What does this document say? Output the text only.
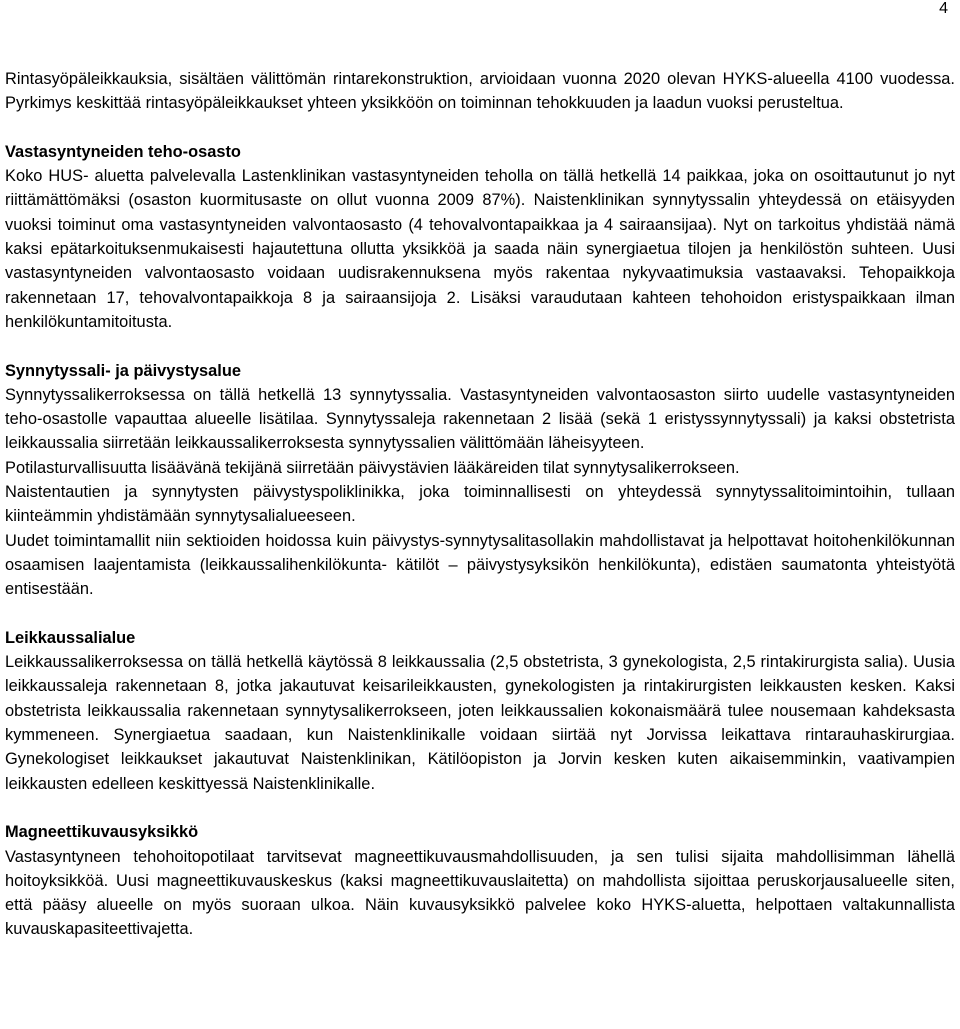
4

Rintasyöpäleikkauksia, sisältäen välittömän rintarekonstruktion, arvioidaan vuonna 2020 olevan HYKS-alueella 4100 vuodessa. Pyrkimys keskittää rintasyöpäleikkaukset yhteen yksikköön on toiminnan tehokkuuden ja laadun vuoksi perusteltua.

Vastasyntyneiden teho-osasto

Koko HUS- aluetta palvelevalla Lastenklinikan vastasyntyneiden teholla on tällä hetkellä 14 paikkaa, joka on osoittautunut jo nyt riittämättömäksi (osaston kuormitusaste on ollut vuonna 2009 87%). Naistenklinikan synnytyssalin yhteydessä on etäisyyden vuoksi toiminut oma vastasyntyneiden valvontaosasto (4 tehovalvontapaikkaa ja 4 sairaansijaa). Nyt on tarkoitus yhdistää nämä kaksi epätarkoituksenmukaisesti hajautettuna ollutta yksikköä ja saada näin synergiaetua tilojen ja henkilöstön suhteen. Uusi vastasyntyneiden valvontaosasto voidaan uudisrakennuksena myös rakentaa nykyvaatimuksia vastaavaksi. Tehopaikkoja rakennetaan 17, tehovalvontapaikkoja 8 ja sairaansijoja 2. Lisäksi varaudutaan kahteen tehohoidon eristyspaikkaan ilman henkilökuntamitoitusta.

Synnytyssali- ja päivystysalue

Synnytyssalikerroksessa on tällä hetkellä 13 synnytyssalia. Vastasyntyneiden valvontaosaston siirto uudelle vastasyntyneiden teho-osastolle vapauttaa alueelle lisätilaa. Synnytyssaleja rakennetaan 2 lisää (sekä 1 eristyssynnytyssali) ja kaksi obstetrista leikkaussalia siirretään leikkaussalikerroksesta synnytyssalien välittömään läheisyyteen.

Potilasturvallisuutta lisäävänä tekijänä siirretään päivystävien lääkäreiden tilat synnytysalikerrokseen.

Naistentautien ja synnytysten päivystyspoliklinikka, joka toiminnallisesti on yhteydessä synnytyssalitoimintoihin, tullaan kiinteämmin yhdistämään synnytysalialueeseen.

Uudet toimintamallit niin sektioiden hoidossa kuin päivystys-synnytysalitasollakin mahdollistavat ja helpottavat hoitohenkilökunnan osaamisen laajentamista (leikkaussalihenkilökunta- kätilöt – päivystysyksikön henkilökunta), edistäen saumatonta yhteistyötä entisestään.

Leikkaussalialue

Leikkaussalikerroksessa on tällä hetkellä käytössä 8 leikkaussalia (2,5 obstetrista, 3 gynekologista, 2,5 rintakirurgista salia). Uusia leikkaussaleja rakennetaan 8, jotka jakautuvat keisarileikkausten, gynekologisten ja rintakirurgisten leikkausten kesken. Kaksi obstetrista leikkaussalia rakennetaan synnytysalikerrokseen, joten leikkaussalien kokonaismäärä tulee nousemaan kahdeksasta kymmeneen. Synergiaetua saadaan, kun Naistenklinikalle voidaan siirtää nyt Jorvissa leikattava rintarauhaskirurgiaa. Gynekologiset leikkaukset jakautuvat Naistenklinikan, Kätilöopiston ja Jorvin kesken kuten aikaisemminkin, vaativampien leikkausten edelleen keskittyessä Naistenklinikalle.

Magneettikuvausyksikkö

Vastasyntyneen tehohoitopotilaat tarvitsevat magneettikuvausmahdollisuuden, ja sen tulisi sijaita mahdollisimman lähellä hoitoyksikköä. Uusi magneettikuvauskeskus (kaksi magneettikuvauslaitetta) on mahdollista sijoittaa peruskorjausalueelle siten, että pääsy alueelle on myös suoraan ulkoa. Näin kuvausyksikkö palvelee koko HYKS-aluetta, helpottaen valtakunnallista kuvauskapasiteettivajetta.
